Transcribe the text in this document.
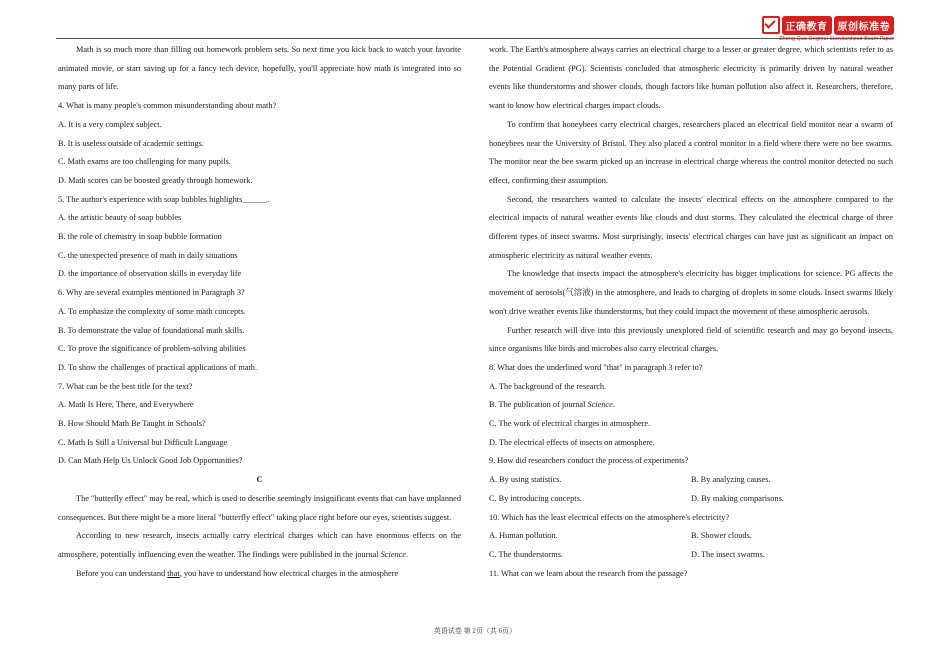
正确教育	原创标准卷
Zheng Que Original Standardized Exam Paper

Math is so much more than filling out homework problem sets. So next time you kick back to watch your favorite animated movie, or start saving up for a fancy tech device, hopefully, you'll appreciate how math is integrated into so many parts of life.

4. What is many people's common misunderstanding about math?

A. It is a very complex subject.

B. It is useless outside of academic settings.

C. Math exams are too challenging for many pupils.

D. Math scores can be boosted greatly through homework.

5. The author's experience with soap bubbles highlights______.

A. the artistic beauty of soap bubbles

B. the role of chemistry in soap bubble formation

C. the unexpected presence of math in daily situations

D. the importance of observation skills in everyday life

6. Why are several examples mentioned in Paragraph 3?

A. To emphasize the complexity of some math concepts.

B. To demonstrate the value of foundational math skills.

C. To prove the significance of problem-solving abilities

D. To show the challenges of practical applications of math.

7. What can be the best title for the text?

A. Math Is Here, There, and Everywhere

B. How Should Math Be Taught in Schools?

C. Math Is Still a Universal but Difficult Language

D. Can Math Help Us Unlock Good Job Opportunities?

C

The "butterfly effect" may be real, which is used to describe seemingly insignificant events that can have unplanned consequences. But there might be a more literal "butterfly effect" taking place right before our eyes, scientists suggest.

According to new research, insects actually carry electrical charges which can have enormous effects on the atmosphere, potentially influencing even the weather. The findings were published in the journal Science.

Before you can understand that, you have to understand how electrical charges in the atmosphere

work. The Earth's atmosphere always carries an electrical charge to a lesser or greater degree, which scientists refer to as the Potential Gradient (PG). Scientists concluded that atmospheric electricity is primarily driven by natural weather events like thunderstorms and shower clouds, though factors like human pollution also affect it. Researchers, therefore, want to know how electrical charges impact clouds.

To confirm that honeybees carry electrical charges, researchers placed an electrical field monitor near a swarm of honeybees near the University of Bristol. They also placed a control monitor in a field where there were no bee swarms. The monitor near the bee swarm picked up an increase in electrical charge whereas the control monitor detected no such effect, confirming their assumption.

Second, the researchers wanted to calculate the insects' electrical effects on the atmosphere compared to the electrical impacts of natural weather events like clouds and dust storms. They calculated the electrical charge of three different types of insect swarms. Most surprisingly, insects' electrical charges can have just as significant an impact on atmospheric electricity as natural weather events.

The knowledge that insects impact the atmosphere's electricity has bigger implications for science. PG affects the movement of aerosols(气溶液) in the atmosphere, and leads to charging of droplets in some clouds. Insect swarms likely won't drive weather events like thunderstorms, but they could impact the movement of these atmospheric aerosols.

Further research will dive into this previously unexplored field of scientific research and may go beyond insects, since organisms like birds and microbes also carry electrical charges.

8. What does the underlined word "that" in paragraph 3 refer to?

A. The background of the research.

B. The publication of journal Science.

C. The work of electrical charges in atmosphere.

D. The electrical effects of insects on atmosphere.

9. How did researchers conduct the process of experiments?

A. By using statistics.	B. By analyzing causes.

C. By introducing concepts.	D. By making comparisons.

10. Which has the least electrical effects on the atmosphere's electricity?

A. Human pollution.	B. Shower clouds.

C. The thunderstorms.	D. The insect swarms.

11. What can we learn about the research from the passage?

英语试卷 第 2页（共 6页）
